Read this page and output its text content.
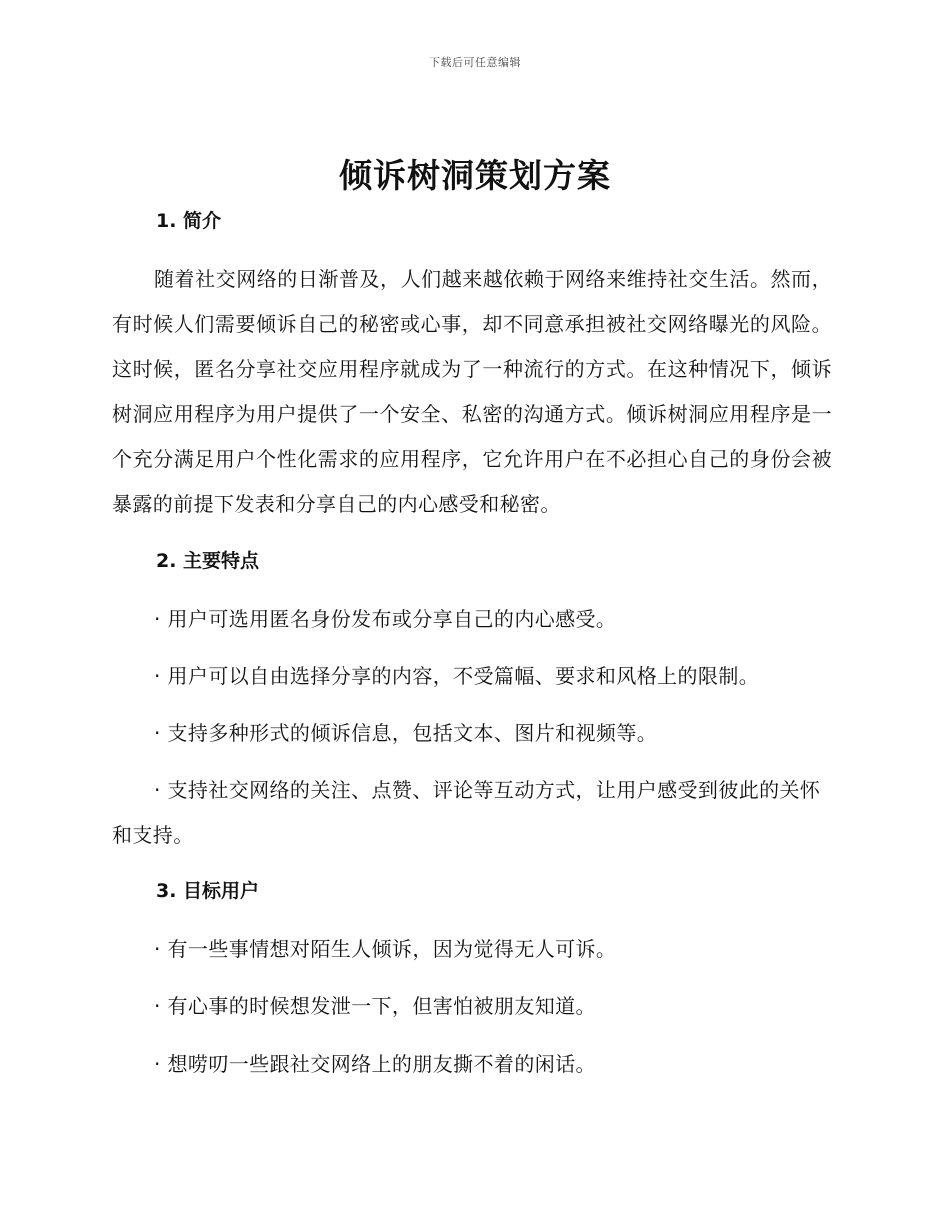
下载后可任意编辑
倾诉树洞策划方案
1. 简介

随着社交网络的日渐普及，人们越来越依赖于网络来维持社交生活。然而，有时候人们需要倾诉自己的秘密或心事，却不同意承担被社交网络曝光的风险。这时候，匿名分享社交应用程序就成为了一种流行的方式。在这种情况下，倾诉树洞应用程序为用户提供了一个安全、私密的沟通方式。倾诉树洞应用程序是一个充分满足用户个性化需求的应用程序，它允许用户在不必担心自己的身份会被暴露的前提下发表和分享自己的内心感受和秘密。

2. 主要特点

· 用户可选用匿名身份发布或分享自己的内心感受。

· 用户可以自由选择分享的内容，不受篇幅、要求和风格上的限制。

· 支持多种形式的倾诉信息，包括文本、图片和视频等。

· 支持社交网络的关注、点赞、评论等互动方式，让用户感受到彼此的关怀和支持。

3. 目标用户

· 有一些事情想对陌生人倾诉，因为觉得无人可诉。

· 有心事的时候想发泄一下，但害怕被朋友知道。

· 想唠叨一些跟社交网络上的朋友撕不着的闲话。
